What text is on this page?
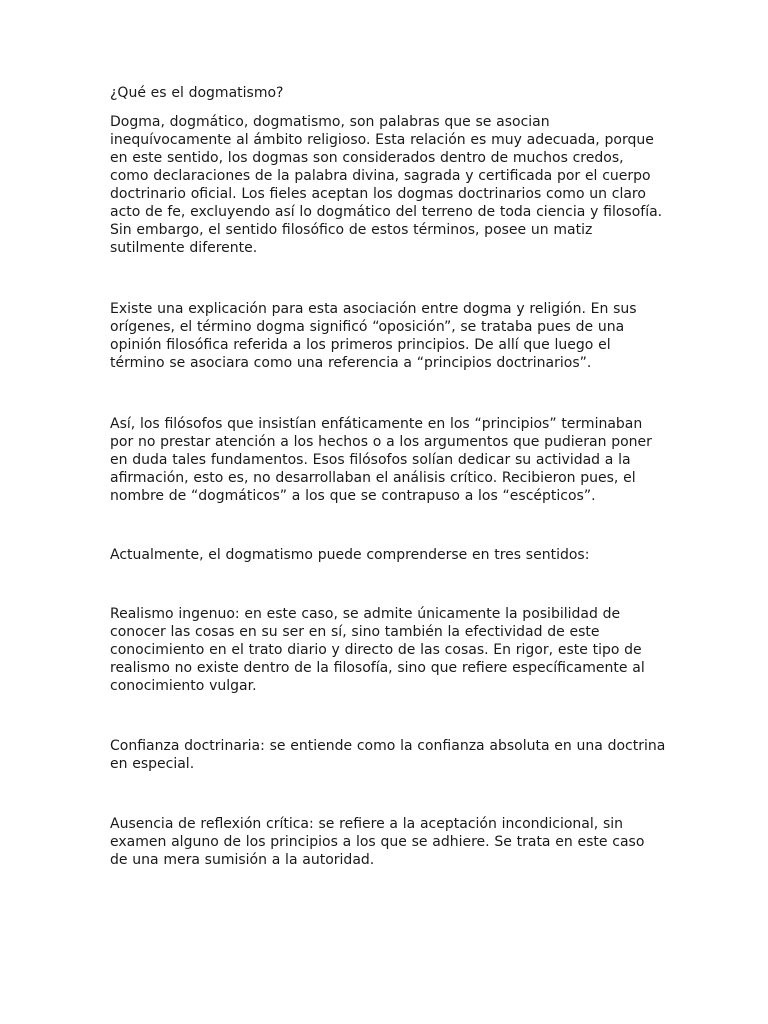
¿Qué es el dogmatismo?

Dogma, dogmático, dogmatismo, son palabras que se asocian inequívocamente al ámbito religioso. Esta relación es muy adecuada, porque en este sentido, los dogmas son considerados dentro de muchos credos, como declaraciones de la palabra divina, sagrada y certificada por el cuerpo doctrinario oficial. Los fieles aceptan los dogmas doctrinarios como un claro acto de fe, excluyendo así lo dogmático del terreno de toda ciencia y filosofía. Sin embargo, el sentido filosófico de estos términos, posee un matiz sutilmente diferente.

Existe una explicación para esta asociación entre dogma y religión. En sus orígenes, el término dogma significó “oposición”, se trataba pues de una opinión filosófica referida a los primeros principios. De allí que luego el término se asociara como una referencia a “principios doctrinarios”.

Así, los filósofos que insistían enfáticamente en los “principios” terminaban por no prestar atención a los hechos o a los argumentos que pudieran poner en duda tales fundamentos. Esos filósofos solían dedicar su actividad a la afirmación, esto es, no desarrollaban el análisis crítico. Recibieron pues, el nombre de “dogmáticos” a los que se contrapuso a los “escépticos”.

Actualmente, el dogmatismo puede comprenderse en tres sentidos:

Realismo ingenuo: en este caso, se admite únicamente la posibilidad de conocer las cosas en su ser en sí, sino también la efectividad de este conocimiento en el trato diario y directo de las cosas. En rigor, este tipo de realismo no existe dentro de la filosofía, sino que refiere específicamente al conocimiento vulgar.

Confianza doctrinaria: se entiende como la confianza absoluta en una doctrina en especial.

Ausencia de reflexión crítica: se refiere a la aceptación incondicional, sin examen alguno de los principios a los que se adhiere. Se trata en este caso de una mera sumisión a la autoridad.
